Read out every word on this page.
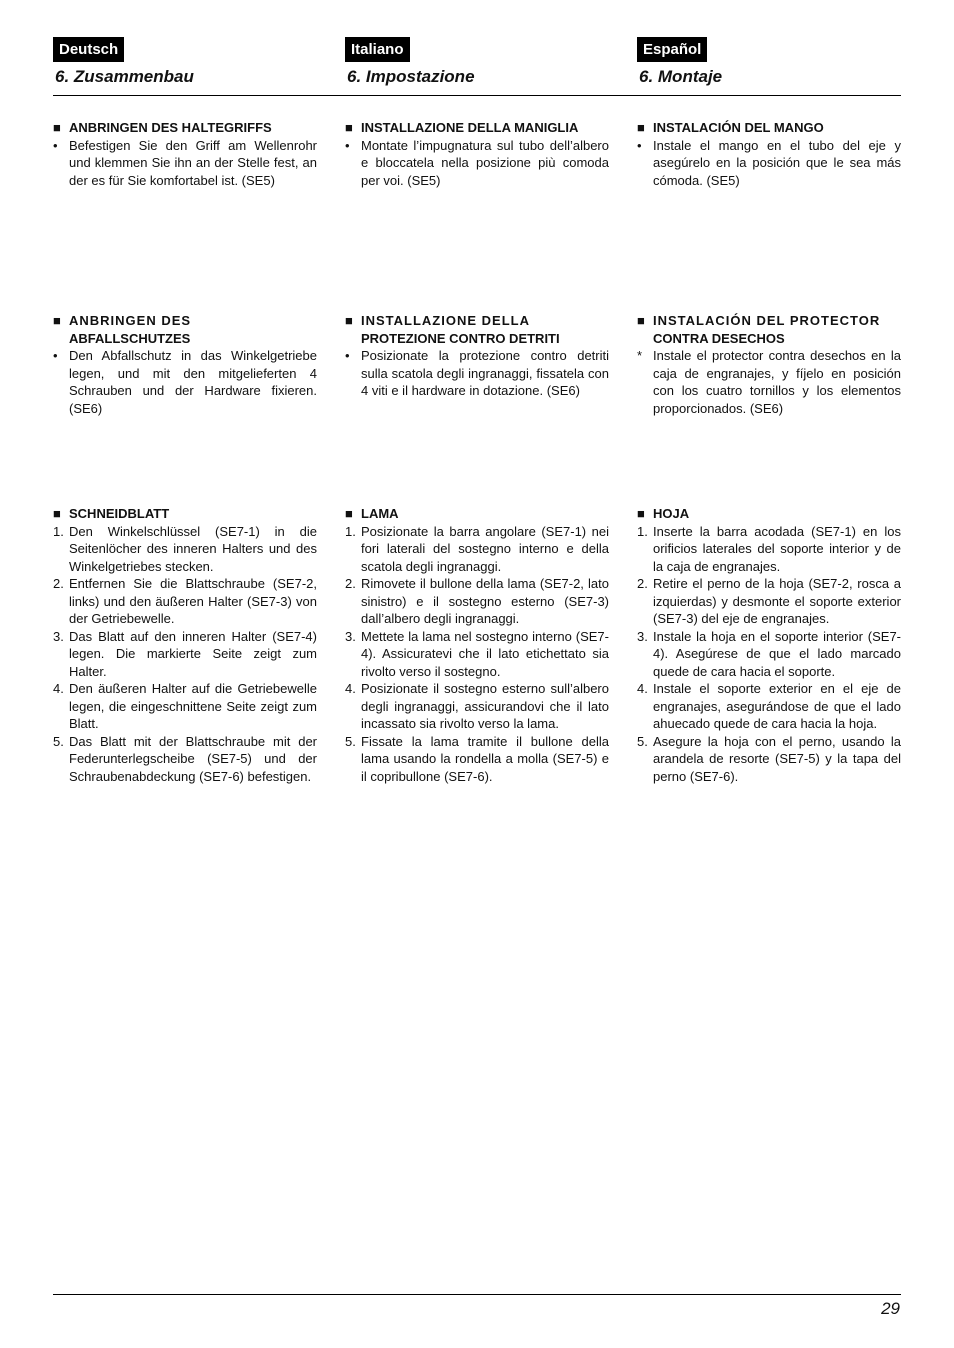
Deutsch
6. Zusammenbau
■ ANBRINGEN DES HALTEGRIFFS
• Befestigen Sie den Griff am Wellenrohr und klemmen Sie ihn an der Stelle fest, an der es für Sie komfortabel ist. (SE5)
■ ANBRINGEN DES
ABFALLSCHUTZES
• Den Abfallschutz in das Winkelgetriebe legen, und mit den mitgelieferten 4 Schrauben und der Hardware fixieren. (SE6)
■ SCHNEIDBLATT
1. Den Winkelschlüssel (SE7-1) in die Seitenlöcher des inneren Halters und des Winkelgetriebes stecken.
2. Entfernen Sie die Blattschraube (SE7-2, links) und den äußeren Halter (SE7-3) von der Getriebewelle.
3. Das Blatt auf den inneren Halter (SE7-4) legen. Die markierte Seite zeigt zum Halter.
4. Den äußeren Halter auf die Getriebewelle legen, die eingeschnittene Seite zeigt zum Blatt.
5. Das Blatt mit der Blattschraube mit der Federunterlegscheibe (SE7-5) und der Schraubenabdeckung (SE7-6) befestigen.
Italiano
6. Impostazione
■ INSTALLAZIONE DELLA MANIGLIA
• Montate l’impugnatura sul tubo dell’albero e bloccatela nella posizione più comoda per voi. (SE5)
■ INSTALLAZIONE DELLA
PROTEZIONE CONTRO DETRITI
• Posizionate la protezione contro detriti sulla scatola degli ingranaggi, fissatela con 4 viti e il hardware in dotazione. (SE6)
■ LAMA
1. Posizionate la barra angolare (SE7-1) nei fori laterali del sostegno interno e della scatola degli ingranaggi.
2. Rimovete il bullone della lama (SE7-2, lato sinistro) e il sostegno esterno (SE7-3) dall’albero degli ingranaggi.
3. Mettete la lama nel sostegno interno (SE7-4). Assicuratevi che il lato etichettato sia rivolto verso il sostegno.
4. Posizionate il sostegno esterno sull’albero degli ingranaggi, assicurandovi che il lato incassato sia rivolto verso la lama.
5. Fissate la lama tramite il bullone della lama usando la rondella a molla (SE7-5) e il copribullone (SE7-6).
Español
6. Montaje
■ INSTALACIÓN DEL MANGO
• Instale el mango en el tubo del eje y asegúrelo en la posición que le sea más cómoda. (SE5)
■ INSTALACIÓN DEL PROTECTOR
CONTRA DESECHOS
* Instale el protector contra desechos en la caja de engranajes, y fíjelo en posición con los cuatro tornillos y los elementos proporcionados. (SE6)
■ HOJA
1. Inserte la barra acodada (SE7-1) en los orificios laterales del soporte interior y de la caja de engranajes.
2. Retire el perno de la hoja (SE7-2, rosca a izquierdas) y desmonte el soporte exterior (SE7-3) del eje de engranajes.
3. Instale la hoja en el soporte interior (SE7-4). Asegúrese de que el lado marcado quede de cara hacia el soporte.
4. Instale el soporte exterior en el eje de engranajes, asegurándose de que el lado ahuecado quede de cara hacia la hoja.
5. Asegure la hoja con el perno, usando la arandela de resorte (SE7-5) y la tapa del perno (SE7-6).
29
